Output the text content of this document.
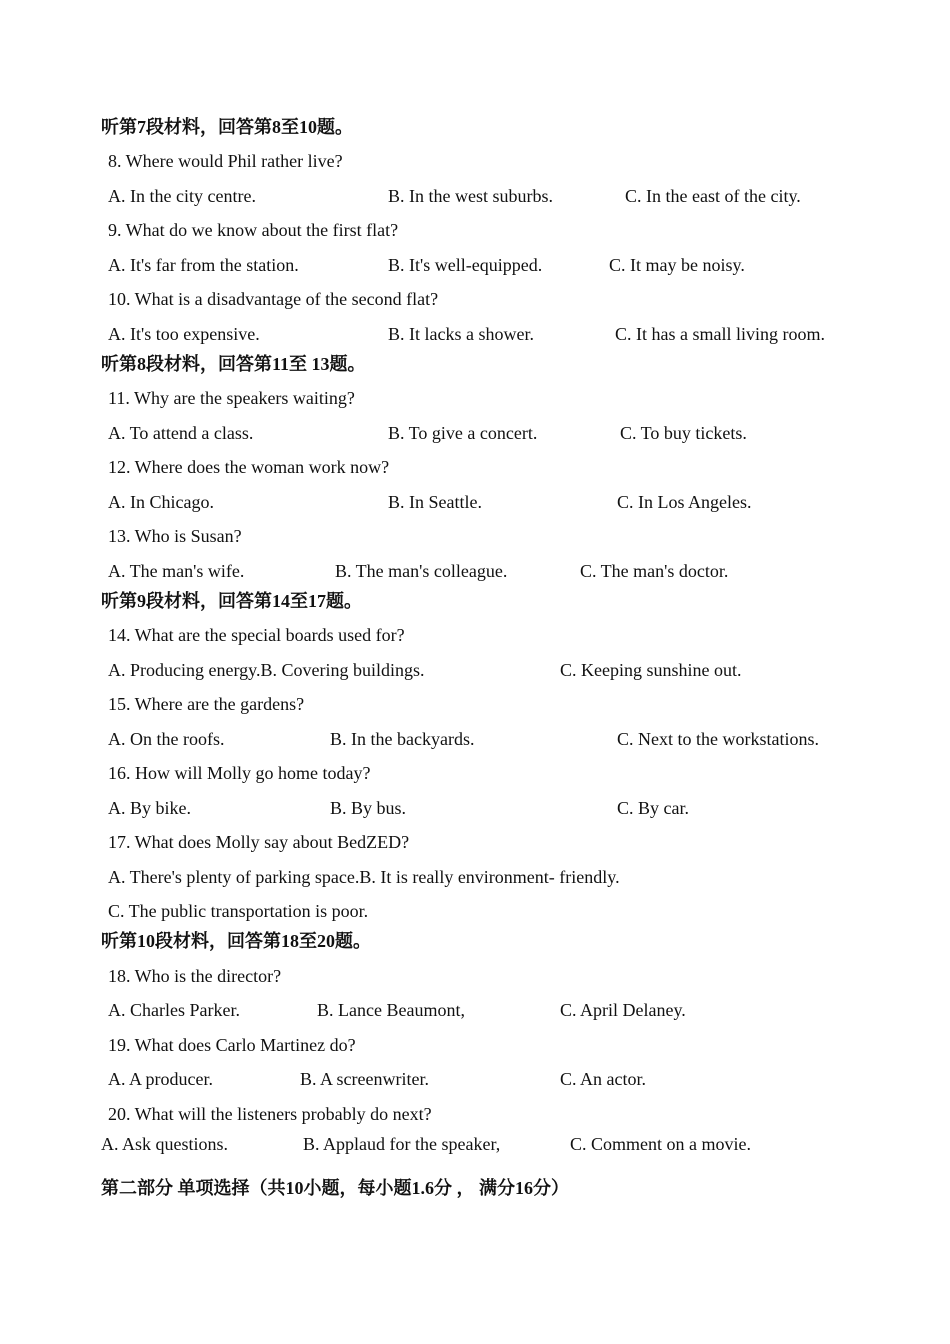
听第7段材料，回答第8至10题。
8. Where would Phil rather live?
A. In the city centre.	B. In the west suburbs.	C. In the east of the city.
9. What do we know about the first flat?
A. It's far from the station.	B. It's well-equipped.	C. It may be noisy.
10. What is a disadvantage of the second flat?
A. It's too expensive.	B. It lacks a shower.	C. It has a small living room.
听第8段材料，回答第11至 13题。
11. Why are the speakers waiting?
A. To attend a class.	B. To give a concert.	C. To buy tickets.
12. Where does the woman work now?
A. In Chicago.	B. In Seattle.	C. In Los Angeles.
13. Who is Susan?
A. The man's wife.	B. The man's colleague.	C. The man's doctor.
听第9段材料，回答第14至17题。
14. What are the special boards used for?
A. Producing energy.B. Covering buildings.	C. Keeping sunshine out.
15. Where are the gardens?
A. On the roofs.	B. In the backyards.	C. Next to the workstations.
16. How will Molly go home today?
A. By bike.	B. By bus.	C. By car.
17. What does Molly say about BedZED?
A. There's plenty of parking space.B. It is really environment- friendly.
C. The public transportation is poor.
听第10段材料，回答第18至20题。
18. Who is the director?
A. Charles Parker.	B. Lance Beaumont,	C. April Delaney.
19. What does Carlo Martinez do?
A. A producer.	B. A screenwriter.	C. An actor.
20. What will the listeners probably do next?
A. Ask questions.	B. Applaud for the speaker,	C. Comment on a movie.
第二部分 单项选择（共10小题，每小题1.6分 ， 满分16分）
